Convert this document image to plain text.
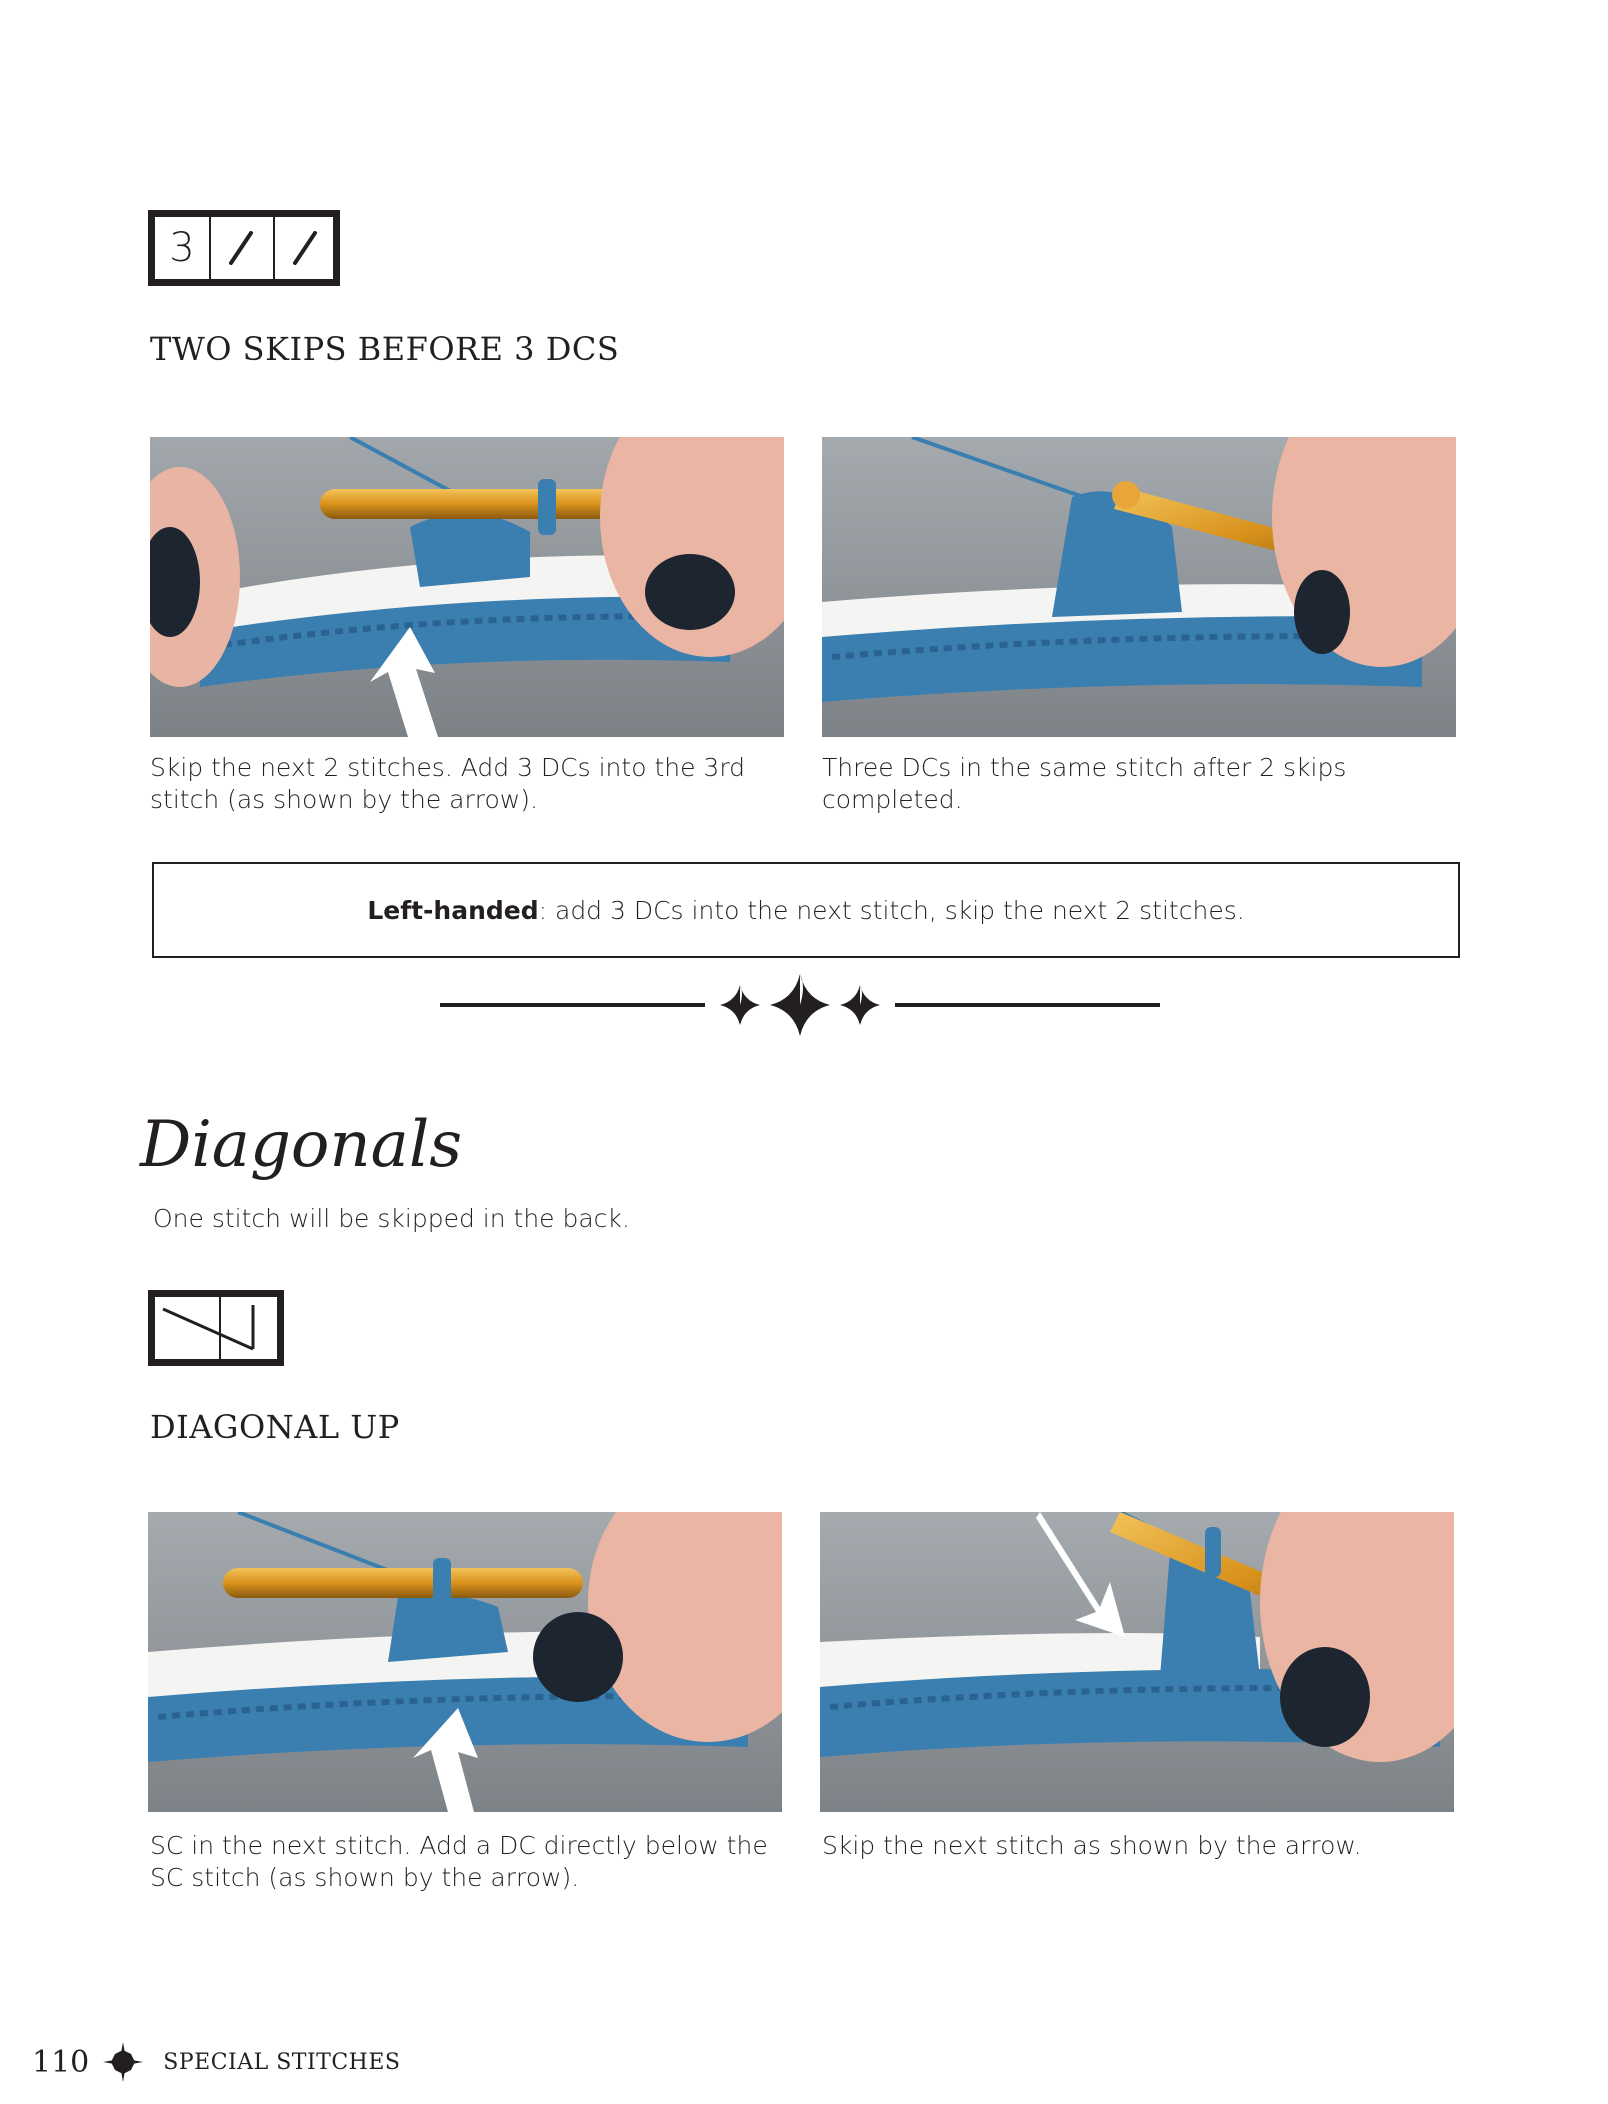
3
TWO SKIPS BEFORE 3 DCS
Skip the next 2 stitches. Add 3 DCs into the 3rd stitch (as shown by the arrow).
Three DCs in the same stitch after 2 skips completed.
Left-handed: add 3 DCs into the next stitch, skip the next 2 stitches.
Diagonals
One stitch will be skipped in the back.
DIAGONAL UP
SC in the next stitch. Add a DC directly below the SC stitch (as shown by the arrow).
Skip the next stitch as shown by the arrow.
110	SPECIAL STITCHES
